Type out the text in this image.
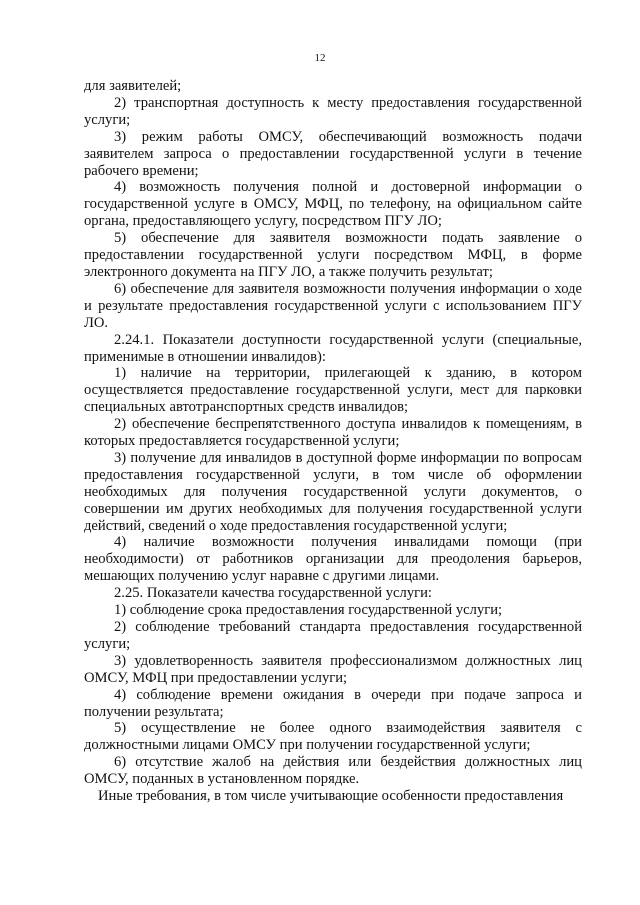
12

для заявителей;

2) транспортная доступность к месту предоставления государственной услуги;

3) режим работы ОМСУ, обеспечивающий возможность подачи заявителем запроса о предоставлении государственной услуги в течение рабочего времени;

4) возможность получения полной и достоверной информации о государственной услуге в ОМСУ, МФЦ, по телефону, на официальном сайте органа, предоставляющего услугу, посредством ПГУ ЛО;

5) обеспечение для заявителя возможности подать заявление о предоставлении государственной услуги посредством МФЦ, в форме электронного документа на ПГУ ЛО, а также получить результат;

6) обеспечение для заявителя возможности получения информации о ходе и результате предоставления государственной услуги с использованием ПГУ ЛО.

2.24.1. Показатели доступности государственной услуги (специальные, применимые в отношении инвалидов):

1) наличие на территории, прилегающей к зданию, в котором осуществляется предоставление государственной услуги, мест для парковки специальных автотранспортных средств инвалидов;

2) обеспечение беспрепятственного доступа инвалидов к помещениям, в которых предоставляется государственной услуги;

3) получение для инвалидов в доступной форме информации по вопросам предоставления государственной услуги, в том числе об оформлении необходимых для получения государственной услуги документов, о совершении им других необходимых для получения государственной услуги действий, сведений о ходе предоставления государственной услуги;

4) наличие возможности получения инвалидами помощи (при необходимости) от работников организации для преодоления барьеров, мешающих получению услуг наравне с другими лицами.

2.25. Показатели качества государственной услуги:

1) соблюдение срока предоставления государственной услуги;

2) соблюдение требований стандарта предоставления государственной услуги;

3) удовлетворенность заявителя профессионализмом должностных лиц ОМСУ, МФЦ при предоставлении услуги;

4) соблюдение времени ожидания в очереди при подаче запроса и получении результата;

5) осуществление не более одного взаимодействия заявителя с должностными лицами ОМСУ при получении государственной услуги;

6) отсутствие жалоб на действия или бездействия должностных лиц ОМСУ, поданных в установленном порядке.

Иные требования, в том числе учитывающие особенности предоставления
